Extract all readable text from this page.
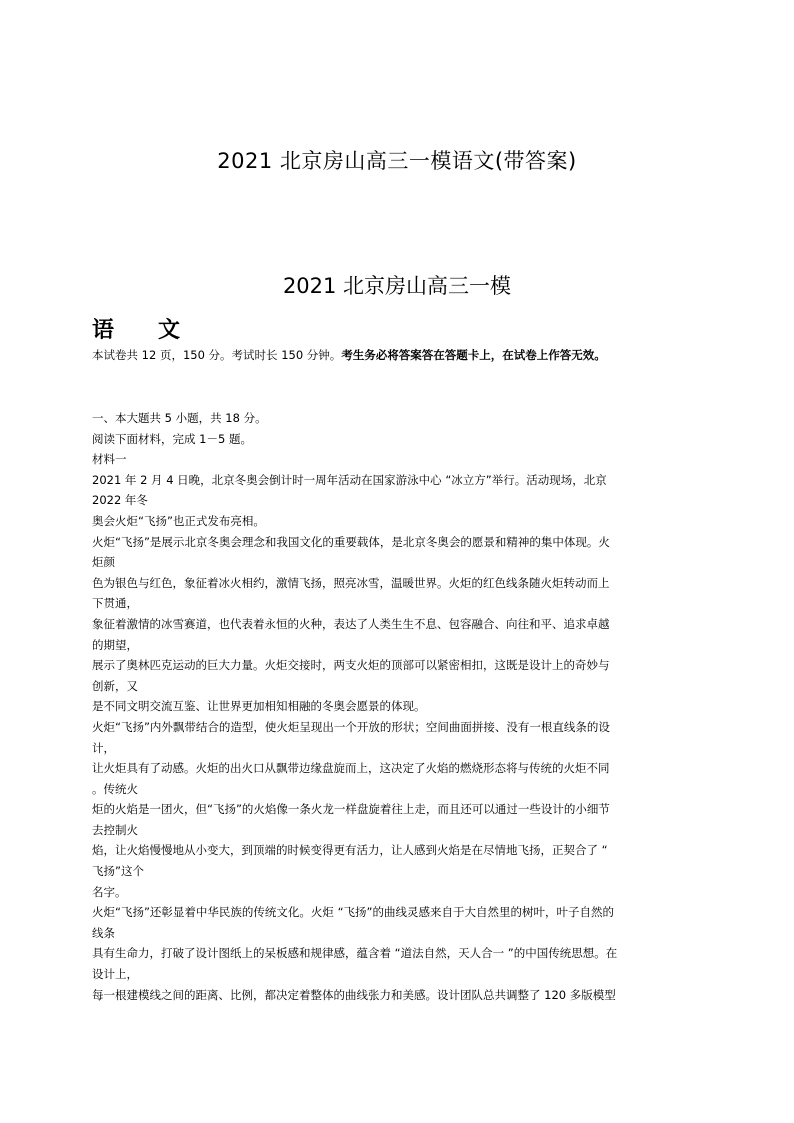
2021 北京房山高三一模语文(带答案)
2021 北京房山高三一模
语文
本试卷共 12 页，150 分。考试时长 150 分钟。考生务必将答案答在答题卡上，在试卷上作答无效。

一、本大题共 5 小题，共 18 分。

阅读下面材料，完成 1－5 题。

材料一

2021 年 2 月 4 日晚，北京冬奥会倒计时一周年活动在国家游泳中心 “冰立方”举行。活动现场，北京

2022 年冬

奥会火炬“飞扬”也正式发布亮相。

火炬“飞扬”是展示北京冬奥会理念和我国文化的重要载体，是北京冬奥会的愿景和精神的集中体现。火

炬颜

色为银色与红色，象征着冰火相约，激情飞扬，照亮冰雪，温暖世界。火炬的红色线条随火炬转动而上

下贯通，

象征着激情的冰雪赛道，也代表着永恒的火种，表达了人类生生不息、包容融合、向往和平、追求卓越

的期望，

展示了奥林匹克运动的巨大力量。火炬交接时，两支火炬的顶部可以紧密相扣，这既是设计上的奇妙与

创新，又

是不同文明交流互鉴、让世界更加相知相融的冬奥会愿景的体现。

火炬“飞扬”内外飘带结合的造型，使火炬呈现出一个开放的形状；空间曲面拼接、没有一根直线条的设

计，

让火炬具有了动感。火炬的出火口从飘带边缘盘旋而上，这决定了火焰的燃烧形态将与传统的火炬不同

。传统火

炬的火焰是一团火，但“飞扬”的火焰像一条火龙一样盘旋着往上走，而且还可以通过一些设计的小细节

去控制火

焰，让火焰慢慢地从小变大，到顶端的时候变得更有活力，让人感到火焰是在尽情地飞扬，正契合了 “

飞扬”这个

名字。

火炬“飞扬”还彰显着中华民族的传统文化。火炬 “飞扬”的曲线灵感来自于大自然里的树叶，叶子自然的

线条

具有生命力，打破了设计图纸上的呆板感和规律感，蕴含着 “道法自然，天人合一 ”的中国传统思想。在

设计上，

每一根建模线之间的距离、比例，都决定着整体的曲线张力和美感。设计团队总共调整了 120 多版模型
